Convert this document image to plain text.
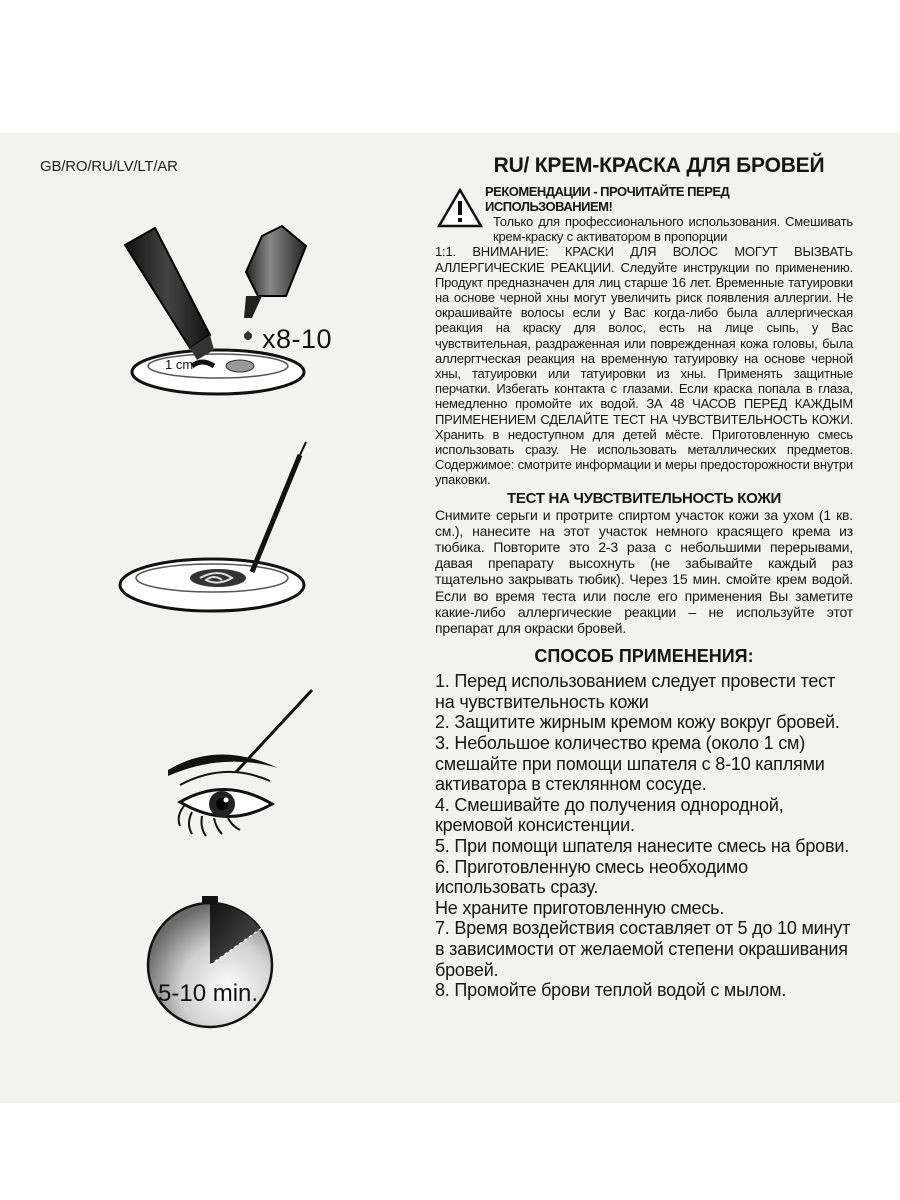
GB/RO/RU/LV/LT/AR
x8-10
1 cm
5-10 min.
RU/ КРЕМ-КРАСКА ДЛЯ БРОВЕЙ
РЕКОМЕНДАЦИИ - ПРОЧИТАЙТЕ ПЕРЕД ИСПОЛЬЗОВАНИЕМ!
Только для профессионального использования. Смешивать крем-краску с активатором в пропорции
1:1. ВНИМАНИЕ: КРАСКИ ДЛЯ ВОЛОС МОГУТ ВЫЗВАТЬ АЛЛЕРГИЧЕСКИЕ РЕАКЦИИ. Следуйте инструкции по применению. Продукт предназначен для лиц старше 16 лет. Временные татуировки на основе черной хны могут увеличить риск появления аллергии. Не окрашивайте волосы если у Вас когда-либо была аллергическая реакция на краску для волос, есть на лице сыпь, у Вас чувствительная, раздраженная или поврежденная кожа головы, была аллергтческая реакция на временную татуировку на основе черной хны, татуировки или татуировки из хны. Применять защитные перчатки. Избегать контакта с глазами. Если краска попала в глаза, немедленно промойте их водой. ЗА 48 ЧАСОВ ПЕРЕД КАЖДЫМ ПРИМЕНЕНИЕМ СДЕЛАЙТЕ ТЕСТ НА ЧУВСТВИТЕЛЬНОСТЬ КОЖИ. Хранить в недоступном для детей мёсте. Приготовленную смесь использовать сразу. Не использовать металлических предметов. Содержимое: смотрите информации и меры предосторожности внутри упаковки.
ТЕСТ НА ЧУВСТВИТЕЛЬНОСТЬ КОЖИ
Снимите серьги и протрите спиртом участок кожи за ухом (1 кв. см.), нанесите на этот участок немного красящего крема из тюбика. Повторите это 2-3 раза с небольшими перерывами, давая препарату высохнуть (не забывайте каждый раз тщательно закрывать тюбик). Через 15 мин. смойте крем водой. Если во время теста или после его применения Вы заметите какие-либо аллергические реакции – не используйте этот препарат для окраски бровей.
СПОСОБ ПРИМЕНЕНИЯ:
1. Перед использованием следует провести тест на чувствительность кожи
2. Защитите жирным кремом кожу вокруг бровей.
3. Небольшое количество крема (около 1 см) смешайте при помощи шпателя с 8-10 каплями активатора в стеклянном сосуде.
4. Смешивайте до получения однородной, кремовой консистенции.
5. При помощи шпателя нанесите смесь на брови.
6. Приготовленную смесь необходимо использовать сразу.
Не храните приготовленную смесь.
7. Время воздействия составляет от 5 до 10 минут в зависимости от желаемой степени окрашивания бровей.
8. Промойте брови теплой водой с мылом.
